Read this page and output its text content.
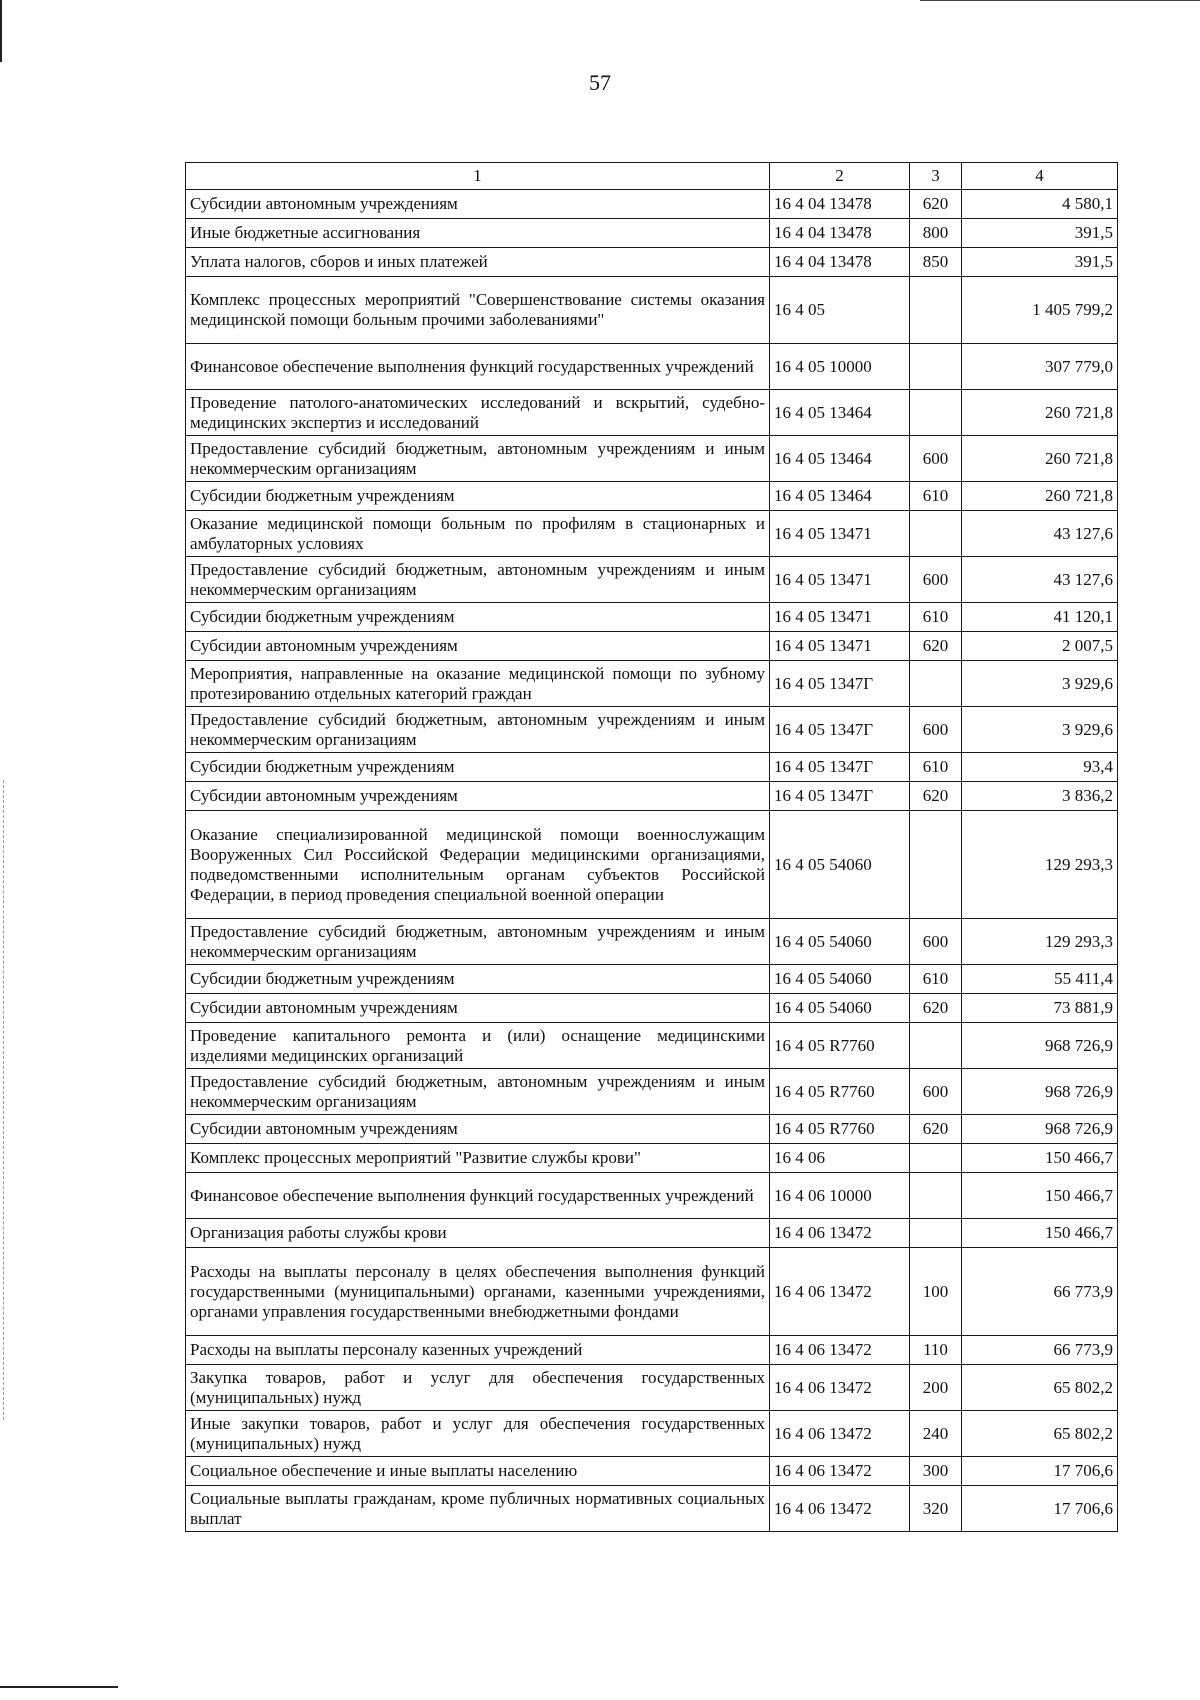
57
1	2	3	4
Субсидии автономным учреждениям	16 4 04 13478	620	4 580,1
Иные бюджетные ассигнования	16 4 04 13478	800	391,5
Уплата налогов, сборов и иных платежей	16 4 04 13478	850	391,5
Комплекс процессных мероприятий "Совершенствование системы оказания медицинской помощи больным прочими заболеваниями"	16 4 05		1 405 799,2
Финансовое обеспечение выполнения функций государственных учреждений	16 4 05 10000		307 779,0
Проведение патолого-анатомических исследований и вскрытий, судебно-медицинских экспертиз и исследований	16 4 05 13464		260 721,8
Предоставление субсидий бюджетным, автономным учреждениям и иным некоммерческим организациям	16 4 05 13464	600	260 721,8
Субсидии бюджетным учреждениям	16 4 05 13464	610	260 721,8
Оказание медицинской помощи больным по профилям в стационарных и амбулаторных условиях	16 4 05 13471		43 127,6
Предоставление субсидий бюджетным, автономным учреждениям и иным некоммерческим организациям	16 4 05 13471	600	43 127,6
Субсидии бюджетным учреждениям	16 4 05 13471	610	41 120,1
Субсидии автономным учреждениям	16 4 05 13471	620	2 007,5
Мероприятия, направленные на оказание медицинской помощи по зубному протезированию отдельных категорий граждан	16 4 05 1347Г		3 929,6
Предоставление субсидий бюджетным, автономным учреждениям и иным некоммерческим организациям	16 4 05 1347Г	600	3 929,6
Субсидии бюджетным учреждениям	16 4 05 1347Г	610	93,4
Субсидии автономным учреждениям	16 4 05 1347Г	620	3 836,2
Оказание специализированной медицинской помощи военнослужащим Вооруженных Сил Российской Федерации медицинскими организациями, подведомственными исполнительным органам субъектов Российской Федерации, в период проведения специальной военной операции	16 4 05 54060		129 293,3
Предоставление субсидий бюджетным, автономным учреждениям и иным некоммерческим организациям	16 4 05 54060	600	129 293,3
Субсидии бюджетным учреждениям	16 4 05 54060	610	55 411,4
Субсидии автономным учреждениям	16 4 05 54060	620	73 881,9
Проведение капитального ремонта и (или) оснащение медицинскими изделиями медицинских организаций	16 4 05 R7760		968 726,9
Предоставление субсидий бюджетным, автономным учреждениям и иным некоммерческим организациям	16 4 05 R7760	600	968 726,9
Субсидии автономным учреждениям	16 4 05 R7760	620	968 726,9
Комплекс процессных мероприятий "Развитие службы крови"	16 4 06		150 466,7
Финансовое обеспечение выполнения функций государственных учреждений	16 4 06 10000		150 466,7
Организация работы службы крови	16 4 06 13472		150 466,7
Расходы на выплаты персоналу в целях обеспечения выполнения функций государственными (муниципальными) органами, казенными учреждениями, органами управления государственными внебюджетными фондами	16 4 06 13472	100	66 773,9
Расходы на выплаты персоналу казенных учреждений	16 4 06 13472	110	66 773,9
Закупка товаров, работ и услуг для обеспечения государственных (муниципальных) нужд	16 4 06 13472	200	65 802,2
Иные закупки товаров, работ и услуг для обеспечения государственных (муниципальных) нужд	16 4 06 13472	240	65 802,2
Социальное обеспечение и иные выплаты населению	16 4 06 13472	300	17 706,6
Социальные выплаты гражданам, кроме публичных нормативных социальных выплат	16 4 06 13472	320	17 706,6
